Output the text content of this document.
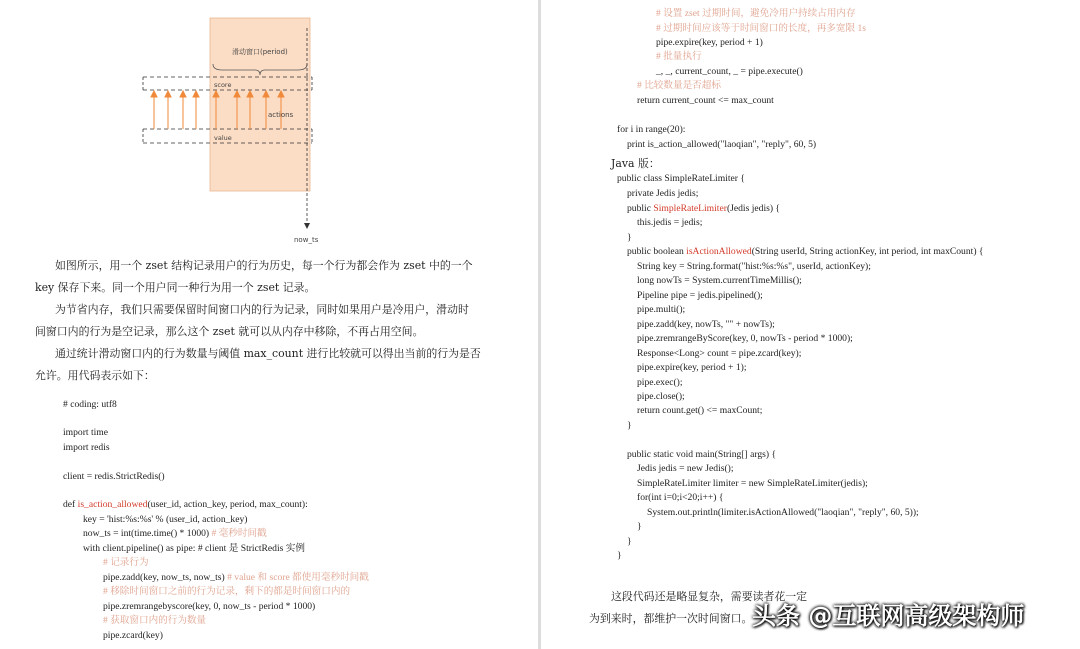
滑动窗口(period)
score
actions
value
now_ts
如图所示，用一个 zset 结构记录用户的行为历史，每一个行为都会作为 zset 中的一个
key 保存下来。同一个用户同一种行为用一个 zset 记录。
为节省内存，我们只需要保留时间窗口内的行为记录，同时如果用户是冷用户，滑动时
间窗口内的行为是空记录，那么这个 zset 就可以从内存中移除，不再占用空间。
通过统计滑动窗口内的行为数量与阈值 max_count 进行比较就可以得出当前的行为是否
允许。用代码表示如下：
# coding: utf8
import time
import redis
client = redis.StrictRedis()
def is_action_allowed(user_id, action_key, period, max_count):
key = 'hist:%s:%s' % (user_id, action_key)
now_ts = int(time.time() * 1000) # 毫秒时间戳
with client.pipeline() as pipe: # client 是 StrictRedis 实例
# 记录行为
pipe.zadd(key, now_ts, now_ts) # value 和 score 都使用毫秒时间戳
# 移除时间窗口之前的行为记录，剩下的都是时间窗口内的
pipe.zremrangebyscore(key, 0, now_ts - period * 1000)
# 获取窗口内的行为数量
pipe.zcard(key)
# 设置 zset 过期时间，避免冷用户持续占用内存
# 过期时间应该等于时间窗口的长度，再多宽限 1s
pipe.expire(key, period + 1)
# 批量执行
_, _, current_count, _ = pipe.execute()
# 比较数量是否超标
return current_count <= max_count
for i in range(20):
print is_action_allowed("laoqian", "reply", 60, 5)
Java 版：
public class SimpleRateLimiter {
private Jedis jedis;
public SimpleRateLimiter(Jedis jedis) {
this.jedis = jedis;
}
public boolean isActionAllowed(String userId, String actionKey, int period, int maxCount) {
String key = String.format("hist:%s:%s", userId, actionKey);
long nowTs = System.currentTimeMillis();
Pipeline pipe = jedis.pipelined();
pipe.multi();
pipe.zadd(key, nowTs, "" + nowTs);
pipe.zremrangeByScore(key, 0, nowTs - period * 1000);
Response<Long> count = pipe.zcard(key);
pipe.expire(key, period + 1);
pipe.exec();
pipe.close();
return count.get() <= maxCount;
}
public static void main(String[] args) {
Jedis jedis = new Jedis();
SimpleRateLimiter limiter = new SimpleRateLimiter(jedis);
for(int i=0;i<20;i++) {
System.out.println(limiter.isActionAllowed("laoqian", "reply", 60, 5));
}
}
}
这段代码还是略显复杂，需要读者花一定
为到来时，都维护一次时间窗口。 头条 @互联网高级架构师
